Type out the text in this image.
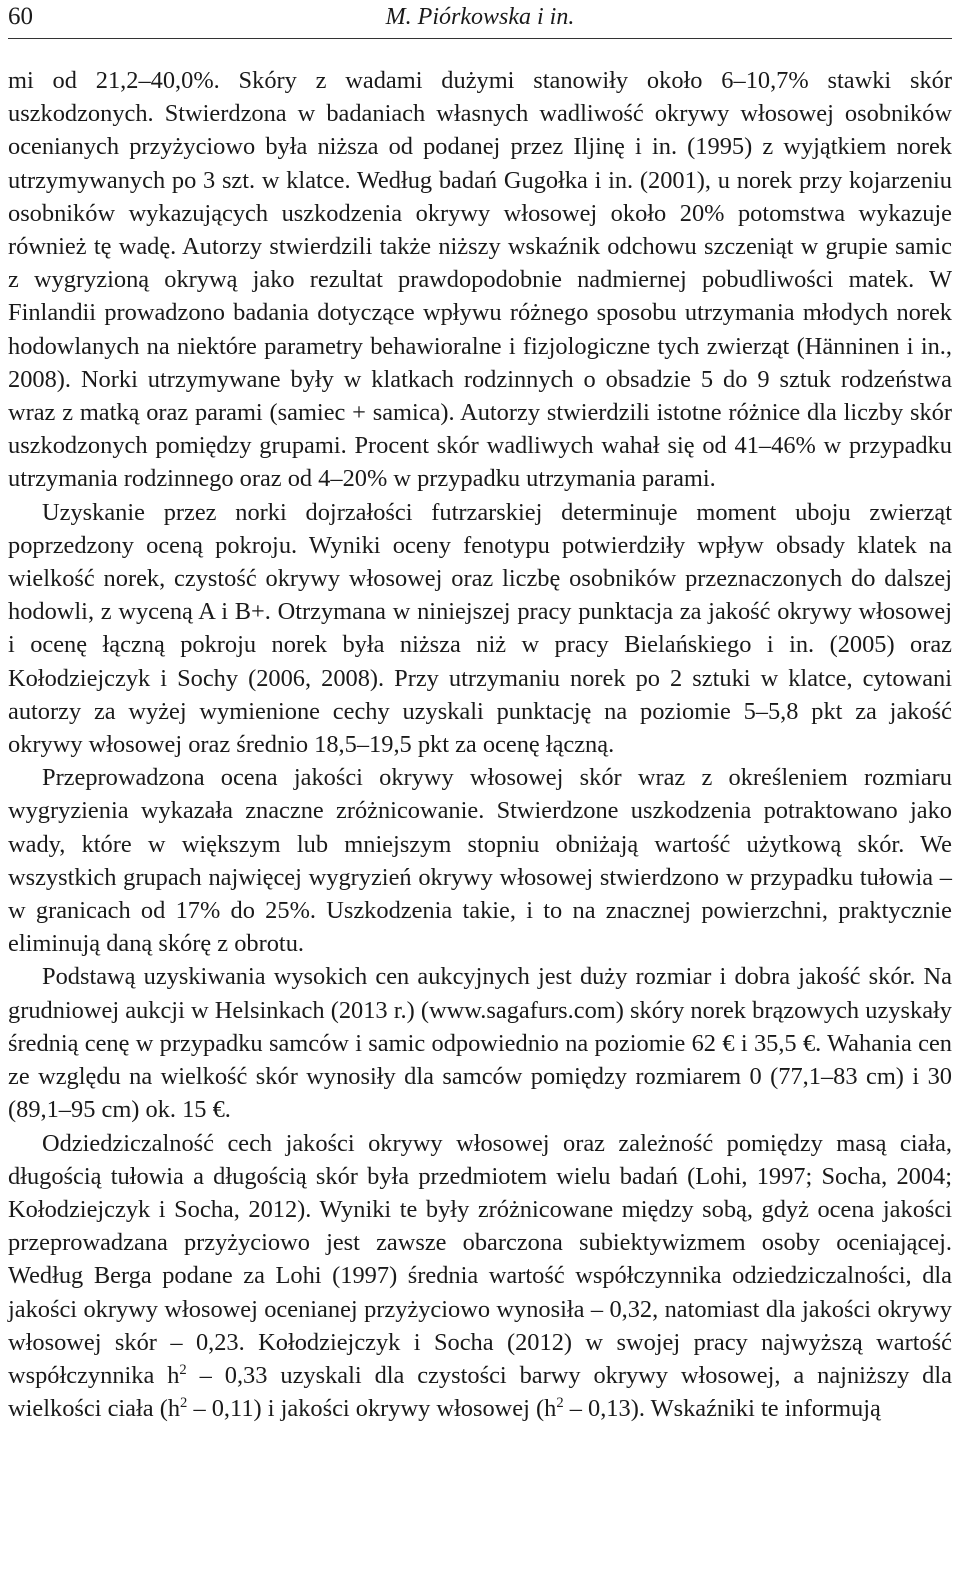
60	M. Piórkowska i in.

mi od 21,2–40,0%. Skóry z wadami dużymi stanowiły około 6–10,7% stawki skór uszkodzonych. Stwierdzona w badaniach własnych wadliwość okrywy włosowej osobników ocenianych przyżyciowo była niższa od podanej przez Iljinę i in. (1995) z wyjątkiem norek utrzymywanych po 3 szt. w klatce. Według badań Gugołka i in. (2001), u norek przy kojarzeniu osobników wykazujących uszkodzenia okrywy włosowej około 20% potomstwa wykazuje również tę wadę. Autorzy stwierdzili także niższy wskaźnik odchowu szczeniąt w grupie samic z wygryzioną okrywą jako rezultat prawdopodobnie nadmiernej pobudliwości matek. W Finlandii prowadzono badania dotyczące wpływu różnego sposobu utrzymania młodych norek hodowlanych na niektóre parametry behawioralne i fizjologiczne tych zwierząt (Hänninen i in., 2008). Norki utrzymywane były w klatkach rodzinnych o obsadzie 5 do 9 sztuk rodzeństwa wraz z matką oraz parami (samiec + samica). Autorzy stwierdzili istotne różnice dla liczby skór uszkodzonych pomiędzy grupami. Procent skór wadliwych wahał się od 41–46% w przypadku utrzymania rodzinnego oraz od 4–20% w przypadku utrzymania parami.

Uzyskanie przez norki dojrzałości futrzarskiej determinuje moment uboju zwierząt poprzedzony oceną pokroju. Wyniki oceny fenotypu potwierdziły wpływ obsady klatek na wielkość norek, czystość okrywy włosowej oraz liczbę osobników przeznaczonych do dalszej hodowli, z wyceną A i B+. Otrzymana w niniejszej pracy punktacja za jakość okrywy włosowej i ocenę łączną pokroju norek była niższa niż w pracy Bielańskiego i in. (2005) oraz Kołodziejczyk i Sochy (2006, 2008). Przy utrzymaniu norek po 2 sztuki w klatce, cytowani autorzy za wyżej wymienione cechy uzyskali punktację na poziomie 5–5,8 pkt za jakość okrywy włosowej oraz średnio 18,5–19,5 pkt za ocenę łączną.

Przeprowadzona ocena jakości okrywy włosowej skór wraz z określeniem rozmiaru wygryzienia wykazała znaczne zróżnicowanie. Stwierdzone uszkodzenia potraktowano jako wady, które w większym lub mniejszym stopniu obniżają wartość użytkową skór. We wszystkich grupach najwięcej wygryzień okrywy włosowej stwierdzono w przypadku tułowia – w granicach od 17% do 25%. Uszkodzenia takie, i to na znacznej powierzchni, praktycznie eliminują daną skórę z obrotu.

Podstawą uzyskiwania wysokich cen aukcyjnych jest duży rozmiar i dobra jakość skór. Na grudniowej aukcji w Helsinkach (2013 r.) (www.sagafurs.com) skóry norek brązowych uzyskały średnią cenę w przypadku samców i samic odpowiednio na poziomie 62 € i 35,5 €. Wahania cen ze względu na wielkość skór wynosiły dla samców pomiędzy rozmiarem 0 (77,1–83 cm) i 30 (89,1–95 cm) ok. 15 €.

Odziedziczalność cech jakości okrywy włosowej oraz zależność pomiędzy masą ciała, długością tułowia a długością skór była przedmiotem wielu badań (Lohi, 1997; Socha, 2004; Kołodziejczyk i Socha, 2012). Wyniki te były zróżnicowane między sobą, gdyż ocena jakości przeprowadzana przyżyciowo jest zawsze obarczona subiektywizmem osoby oceniającej. Według Berga podane za Lohi (1997) średnia wartość współczynnika odziedziczalności, dla jakości okrywy włosowej ocenianej przyżyciowo wynosiła – 0,32, natomiast dla jakości okrywy włosowej skór – 0,23. Kołodziejczyk i Socha (2012) w swojej pracy najwyższą wartość współczynnika $h^2 - 0,33$ uzyskali dla czystości barwy okrywy włosowej, a najniższy dla wielkości ciała $(h^2 - 0,11)$ i jakości okrywy włosowej $(h^2 - 0,13)$. Wskaźniki te informują
